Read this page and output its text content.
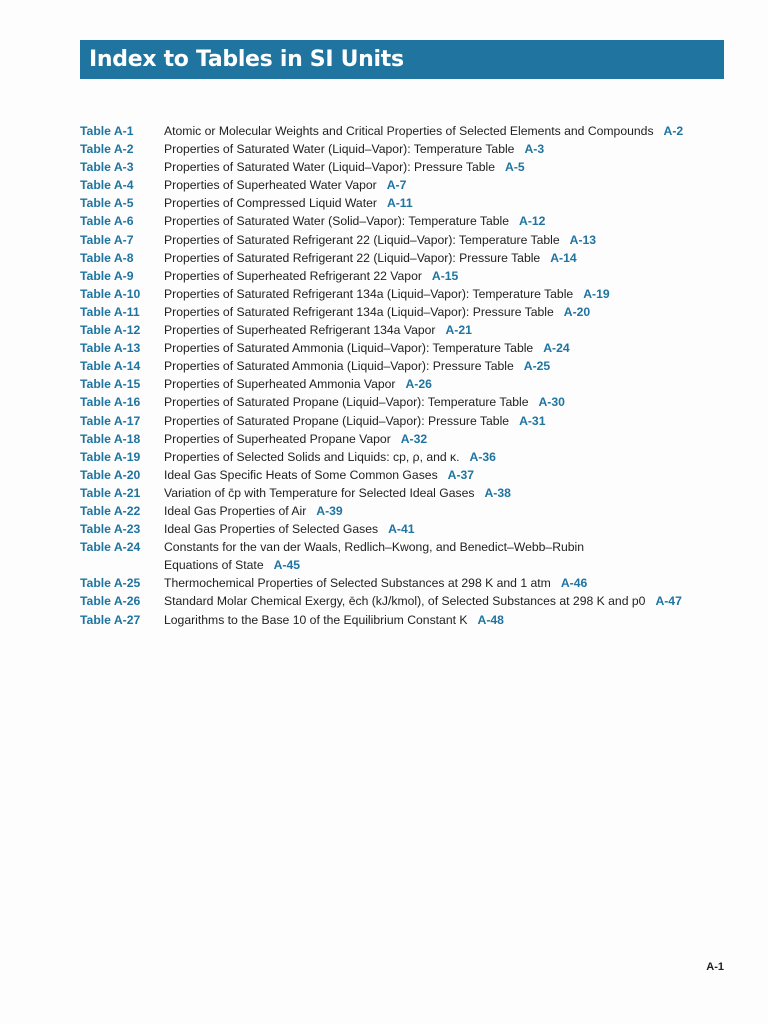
Index to Tables in SI Units
Table A-1	Atomic or Molecular Weights and Critical Properties of Selected Elements and Compounds A-2
Table A-2	Properties of Saturated Water (Liquid–Vapor): Temperature Table A-3
Table A-3	Properties of Saturated Water (Liquid–Vapor): Pressure Table A-5
Table A-4	Properties of Superheated Water Vapor A-7
Table A-5	Properties of Compressed Liquid Water A-11
Table A-6	Properties of Saturated Water (Solid–Vapor): Temperature Table A-12
Table A-7	Properties of Saturated Refrigerant 22 (Liquid–Vapor): Temperature Table A-13
Table A-8	Properties of Saturated Refrigerant 22 (Liquid–Vapor): Pressure Table A-14
Table A-9	Properties of Superheated Refrigerant 22 Vapor A-15
Table A-10	Properties of Saturated Refrigerant 134a (Liquid–Vapor): Temperature Table A-19
Table A-11	Properties of Saturated Refrigerant 134a (Liquid–Vapor): Pressure Table A-20
Table A-12	Properties of Superheated Refrigerant 134a Vapor A-21
Table A-13	Properties of Saturated Ammonia (Liquid–Vapor): Temperature Table A-24
Table A-14	Properties of Saturated Ammonia (Liquid–Vapor): Pressure Table A-25
Table A-15	Properties of Superheated Ammonia Vapor A-26
Table A-16	Properties of Saturated Propane (Liquid–Vapor): Temperature Table A-30
Table A-17	Properties of Saturated Propane (Liquid–Vapor): Pressure Table A-31
Table A-18	Properties of Superheated Propane Vapor A-32
Table A-19	Properties of Selected Solids and Liquids: cp, ρ, and κ. A-36
Table A-20	Ideal Gas Specific Heats of Some Common Gases A-37
Table A-21	Variation of c̄p with Temperature for Selected Ideal Gases A-38
Table A-22	Ideal Gas Properties of Air A-39
Table A-23	Ideal Gas Properties of Selected Gases A-41
Table A-24	Constants for the van der Waals, Redlich–Kwong, and Benedict–Webb–Rubin
Equations of State A-45
Table A-25	Thermochemical Properties of Selected Substances at 298 K and 1 atm A-46
Table A-26	Standard Molar Chemical Exergy, ēch (kJ/kmol), of Selected Substances at 298 K and p0 A-47
Table A-27	Logarithms to the Base 10 of the Equilibrium Constant K A-48
A-1
